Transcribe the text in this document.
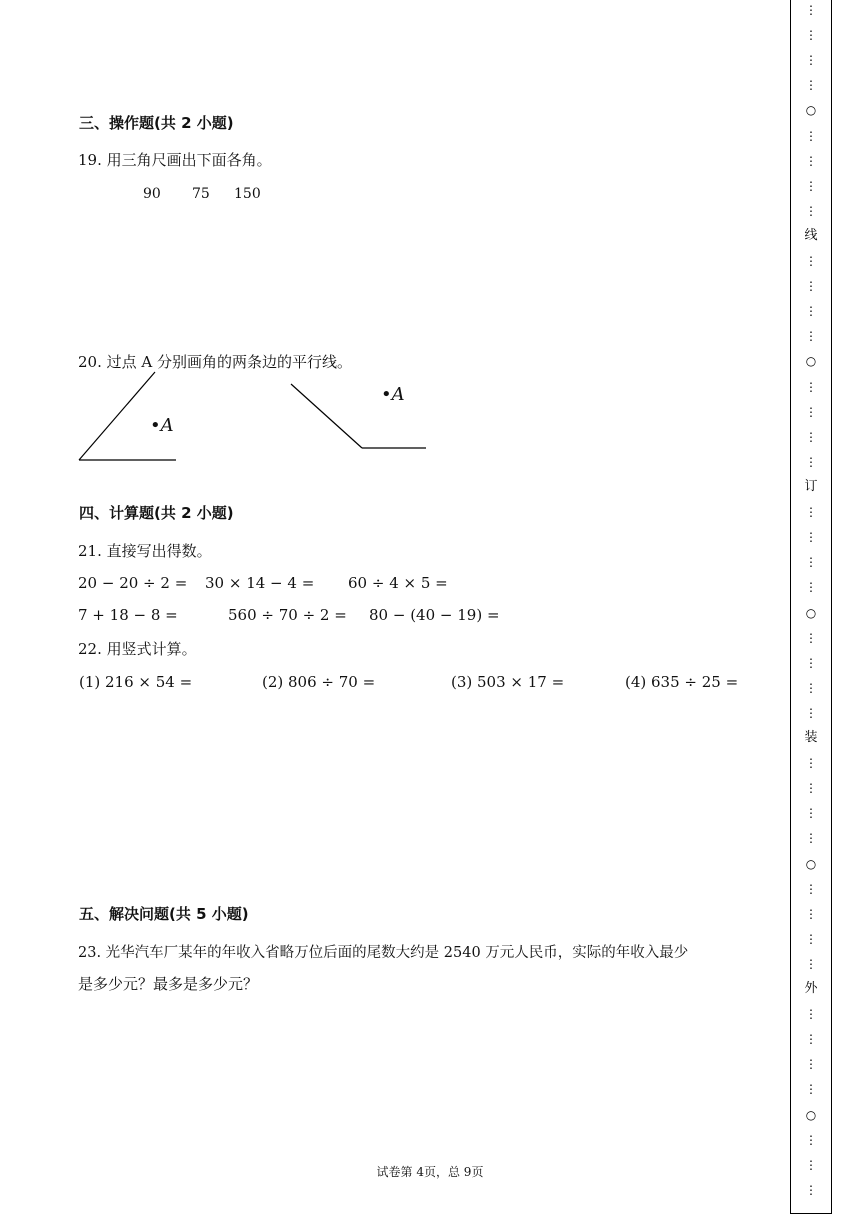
三、操作题(共 2 小题)
19. 用三角尺画出下面各角。
90 75 150
20. 过点 A 分别画角的两条边的平行线。
•A
•A
四、计算题(共 2 小题)
21. 直接写出得数。
20 − 20 ÷ 2 = 30 × 14 − 4 = 60 ÷ 4 × 5 =
7 + 18 − 8 =	560 ÷ 70 ÷ 2 = 80 − (40 − 19) =
22. 用竖式计算。
(1) 216 × 54 =	(2) 806 ÷ 70 =	(3) 503 × 17 =	(4) 635 ÷ 25 =
五、解决问题(共 5 小题)
23. 光华汽车厂某年的年收入省略万位后面的尾数大约是 2540 万元人民币，实际的年收入最少
是多少元？最多是多少元？
试卷第 4页，总 9页
⋮
⋮
⋮
⋮
○
⋮
⋮
⋮
⋮
线
⋮
⋮
⋮
⋮
○
⋮
⋮
⋮
⋮
订
⋮
⋮
⋮
⋮
○
⋮
⋮
⋮
⋮
装
⋮
⋮
⋮
⋮
○
⋮
⋮
⋮
⋮
外
⋮
⋮
⋮
⋮
○
⋮
⋮
⋮
